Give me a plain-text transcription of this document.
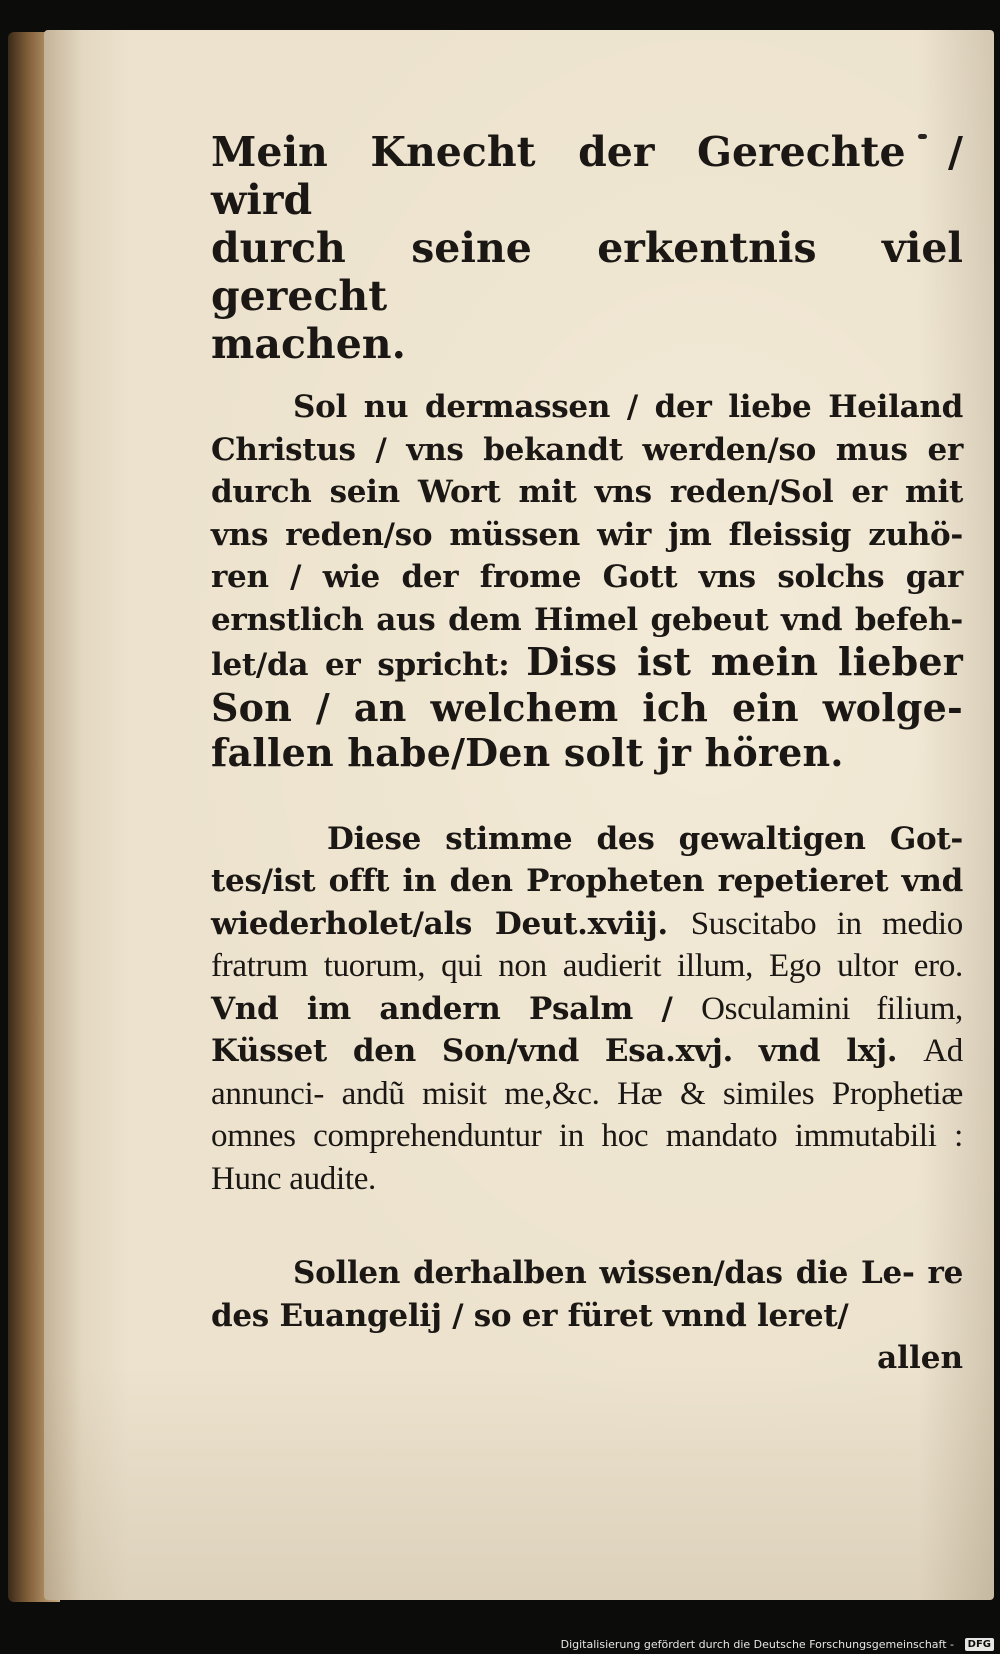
Mein Knecht der Gerechte / wird
durch seine erkentnis viel gerecht
machen.

Sol nu dermassen / der liebe Heiland Christus / vns bekandt werden/so mus er durch sein Wort mit vns reden/Sol er mit vns reden/so müssen wir jm fleissig zuhö- ren / wie der frome Gott vns solchs gar ernstlich aus dem Himel gebeut vnd befeh- let/da er spricht: Diss ist mein lieber Son / an welchem ich ein wolge- fallen habe/Den solt jr hören.

Diese stimme des gewaltigen Got- tes/ist offt in den Propheten repetieret vnd wiederholet/als Deut.xviij. Suscitabo in medio fratrum tuorum, qui non audierit illum, Ego ultor ero. Vnd im andern Psalm / Osculamini filium, Küsset den Son/vnd Esa.xvj. vnd lxj. Ad annunci- andũ misit me,&c. Hæ & similes Prophetiæ omnes comprehenduntur in hoc mandato immutabili : Hunc audite.

Sollen derhalben wissen/das die Le- re des Euangelij / so er füret vnnd leret/

allen
Digitalisierung gefördert durch die Deutsche Forschungsgemeinschaft -	DFG
